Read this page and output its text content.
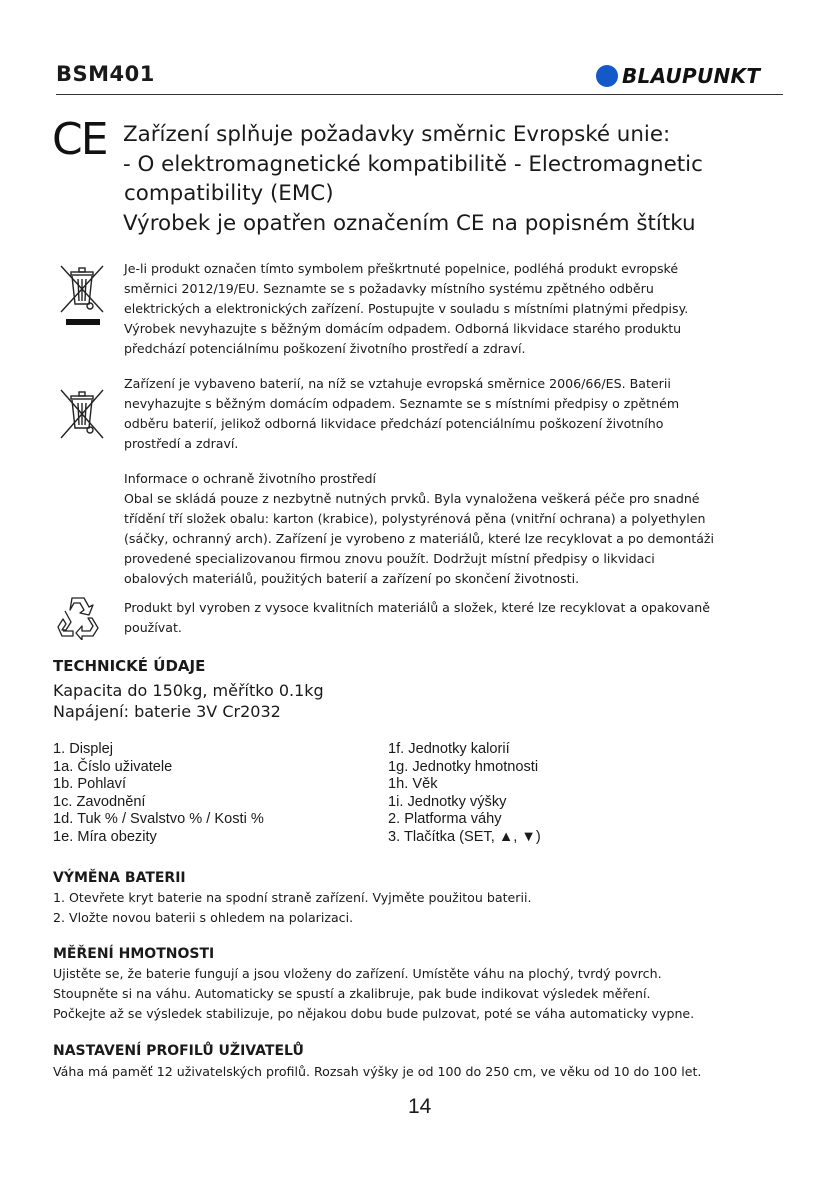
BSM401	BLAUPUNKT
CE Zařízení splňuje požadavky směrnic Evropské unie:
- O elektromagnetické kompatibilitě - Electromagnetic
compatibility (EMC)
Výrobek je opatřen označením CE na popisném štítku
Je-li produkt označen tímto symbolem přeškrtnuté popelnice, podléhá produkt evropské
směrnici 2012/19/EU. Seznamte se s požadavky místního systému zpětného odběru
elektrických a elektronických zařízení. Postupujte v souladu s místními platnými předpisy.
Výrobek nevyhazujte s běžným domácím odpadem. Odborná likvidace starého produktu
předchází potenciálnímu poškození životního prostředí a zdraví.
Zařízení je vybaveno baterií, na níž se vztahuje evropská směrnice 2006/66/ES. Baterii
nevyhazujte s běžným domácím odpadem. Seznamte se s místními předpisy o zpětném
odběru baterií, jelikož odborná likvidace předchází potenciálnímu poškození životního
prostředí a zdraví.
Informace o ochraně životního prostředí
Obal se skládá pouze z nezbytně nutných prvků. Byla vynaložena veškerá péče pro snadné
třídění tří složek obalu: karton (krabice), polystyrénová pěna (vnitřní ochrana) a polyethylen
(sáčky, ochranný arch). Zařízení je vyrobeno z materiálů, které lze recyklovat a po demontáži
provedené specializovanou firmou znovu použít. Dodržujt místní předpisy o likvidaci
obalových materiálů, použitých baterií a zařízení po skončení životnosti.
Produkt byl vyroben z vysoce kvalitních materiálů a složek, které lze recyklovat a opakovaně
používat.
TECHNICKÉ ÚDAJE
Kapacita do 150kg, měřítko 0.1kg
Napájení: baterie 3V Cr2032
1. Displej
1a. Číslo uživatele
1b. Pohlaví
1c. Zavodnění
1d. Tuk % / Svalstvo % / Kosti %
1e. Míra obezity
1f. Jednotky kalorií
1g. Jednotky hmotnosti
1h. Věk
1i. Jednotky výšky
2. Platforma váhy
3. Tlačítka (SET, ▲, ▼)
VÝMĚNA BATERII
1. Otevřete kryt baterie na spodní straně zařízení. Vyjměte použitou baterii.
2. Vložte novou baterii s ohledem na polarizaci.
MĚŘENÍ HMOTNOSTI
Ujistěte se, že baterie fungují a jsou vloženy do zařízení. Umístěte váhu na plochý, tvrdý povrch.
Stoupněte si na váhu. Automaticky se spustí a zkalibruje, pak bude indikovat výsledek měření.
Počkejte až se výsledek stabilizuje, po nějakou dobu bude pulzovat, poté se váha automaticky vypne.
NASTAVENÍ PROFILŮ UŽIVATELŮ
Váha má paměť 12 uživatelských profilů. Rozsah výšky je od 100 do 250 cm, ve věku od 10 do 100 let.
14
